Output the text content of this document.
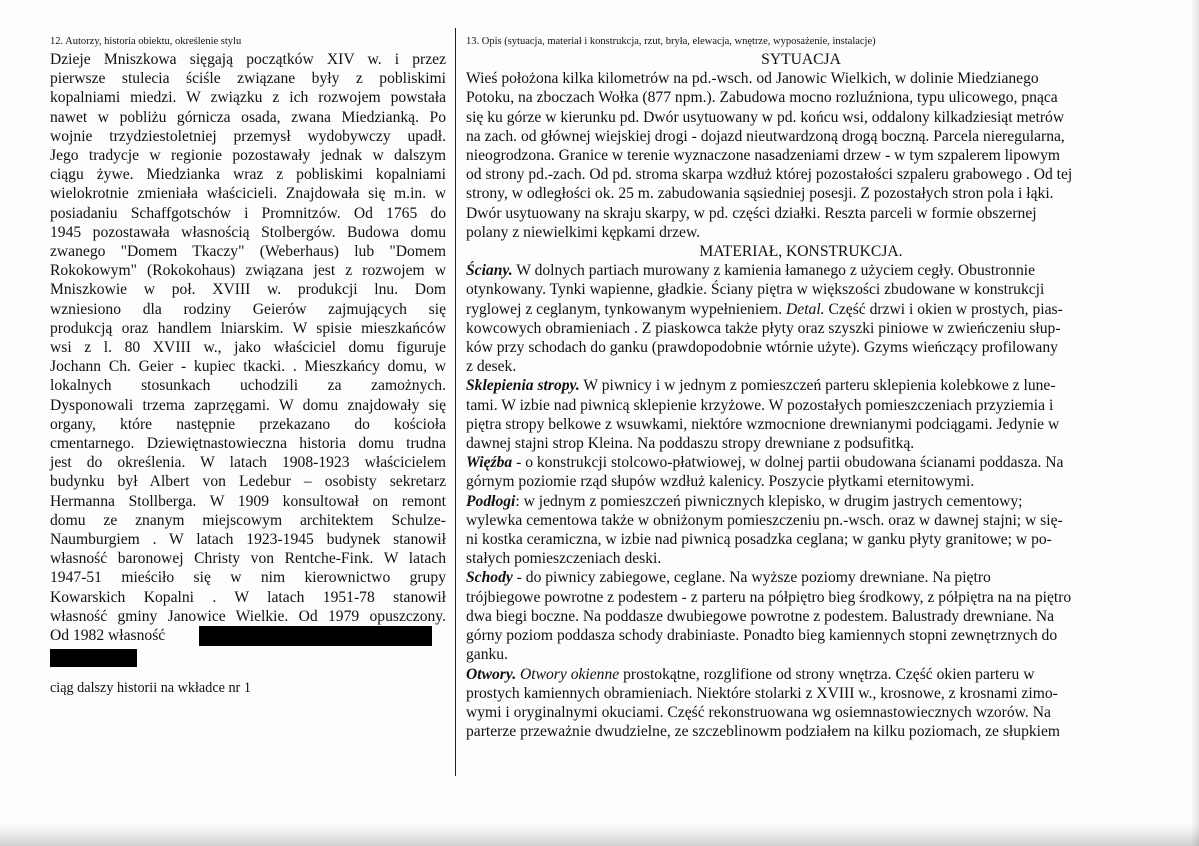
12. Autorzy, historia obiektu, określenie stylu

Dzieje Mniszkowa sięgają początków XIV w. i przez

pierwsze stulecia ściśle związane były z pobliskimi

kopalniami miedzi. W związku z ich rozwojem powstała

nawet w pobliżu górnicza osada, zwana Miedzianką. Po

wojnie trzydziestoletniej przemysł wydobywczy upadł.

Jego tradycje w regionie pozostawały jednak w dalszym

ciągu żywe. Miedzianka wraz z pobliskimi kopalniami

wielokrotnie zmieniała właścicieli. Znajdowała się m.in. w

posiadaniu Schaffgotschów i Promnitzów. Od 1765 do

1945 pozostawała własnością Stolbergów. Budowa domu

zwanego "Domem Tkaczy" (Weberhaus) lub "Domem

Rokokowym" (Rokokohaus) związana jest z rozwojem w

Mniszkowie w poł. XVIII w. produkcji lnu. Dom

wzniesiono dla rodziny Geierów zajmujących się

produkcją oraz handlem lniarskim. W spisie mieszkańców

wsi z l. 80 XVIII w., jako właściciel domu figuruje

Jochann Ch. Geier - kupiec tkacki. . Mieszkańcy domu, w

lokalnych stosunkach uchodzili za zamożnych.

Dysponowali trzema zaprzęgami. W domu znajdowały się

organy, które następnie przekazano do kościoła

cmentarnego. Dziewiętnastowieczna historia domu trudna

jest do określenia. W latach 1908-1923 właścicielem

budynku był Albert von Ledebur – osobisty sekretarz

Hermanna Stollberga. W 1909 konsultował on remont

domu ze znanym miejscowym architektem Schulze-

Naumburgiem . W latach 1923-1945 budynek stanowił

własność baronowej Christy von Rentche-Fink. W latach

1947-51 mieściło się w nim kierownictwo grupy

Kowarskich Kopalni . W latach 1951-78 stanowił

własność gminy Janowice Wielkie. Od 1979 opuszczony.

Od 1982 własność

ciąg dalszy historii na wkładce nr 1
13. Opis (sytuacja, materiał i konstrukcja, rzut, bryła, elewacja, wnętrze, wyposażenie, instalacje)

SYTUACJA

Wieś położona kilka kilometrów na pd.-wsch. od Janowic Wielkich, w dolinie Miedzianego

Potoku, na zboczach Wołka (877 npm.). Zabudowa mocno rozluźniona, typu ulicowego, pnąca

się ku górze w kierunku pd. Dwór usytuowany w pd. końcu wsi, oddalony kilkadziesiąt metrów

na zach. od głównej wiejskiej drogi - dojazd nieutwardzoną drogą boczną. Parcela nieregularna,

nieogrodzona. Granice w terenie wyznaczone nasadzeniami drzew - w tym szpalerem lipowym

od strony pd.-zach. Od pd. stroma skarpa wzdłuż której pozostałości szpaleru grabowego . Od tej

strony, w odległości ok. 25 m. zabudowania sąsiedniej posesji. Z pozostałych stron pola i łąki.

Dwór usytuowany na skraju skarpy, w pd. części działki. Reszta parceli w formie obszernej

polany z niewielkimi kępkami drzew.

MATERIAŁ, KONSTRUKCJA.

Ściany. W dolnych partiach murowany z kamienia łamanego z użyciem cegły. Obustronnie

otynkowany. Tynki wapienne, gładkie. Ściany piętra w większości zbudowane w konstrukcji

ryglowej z ceglanym, tynkowanym wypełnieniem. Detal. Część drzwi i okien w prostych, pias-

kowcowych obramieniach . Z piaskowca także płyty oraz szyszki piniowe w zwieńczeniu słup-

ków przy schodach do ganku (prawdopodobnie wtórnie użyte). Gzyms wieńczący profilowany

z desek.

Sklepienia stropy. W piwnicy i w jednym z pomieszczeń parteru sklepienia kolebkowe z lune-

tami. W izbie nad piwnicą sklepienie krzyżowe. W pozostałych pomieszczeniach przyziemia i

piętra stropy belkowe z wsuwkami, niektóre wzmocnione drewnianymi podciągami. Jedynie w

dawnej stajni strop Kleina. Na poddaszu stropy drewniane z podsufitką.

Więźba - o konstrukcji stolcowo-płatwiowej, w dolnej partii obudowana ścianami poddasza. Na

górnym poziomie rząd słupów wzdłuż kalenicy. Poszycie płytkami eternitowymi.

Podłogi: w jednym z pomieszczeń piwnicznych klepisko, w drugim jastrych cementowy;

wylewka cementowa także w obniżonym pomieszczeniu pn.-wsch. oraz w dawnej stajni; w się-

ni kostka ceramiczna, w izbie nad piwnicą posadzka ceglana; w ganku płyty granitowe; w po-

stałych pomieszczeniach deski.

Schody - do piwnicy zabiegowe, ceglane. Na wyższe poziomy drewniane. Na piętro

trójbiegowe powrotne z podestem - z parteru na półpiętro bieg środkowy, z półpiętra na na piętro

dwa biegi boczne. Na poddasze dwubiegowe powrotne z podestem. Balustrady drewniane. Na

górny poziom poddasza schody drabiniaste. Ponadto bieg kamiennych stopni zewnętrznych do

ganku.

Otwory. Otwory okienne prostokątne, rozglifione od strony wnętrza. Część okien parteru w

prostych kamiennych obramieniach. Niektóre stolarki z XVIII w., krosnowe, z krosnami zimo-

wymi i oryginalnymi okuciami. Część rekonstruowana wg osiemnastowiecznych wzorów. Na

parterze przeważnie dwudzielne, ze szczeblinowm podziałem na kilku poziomach, ze słupkiem
